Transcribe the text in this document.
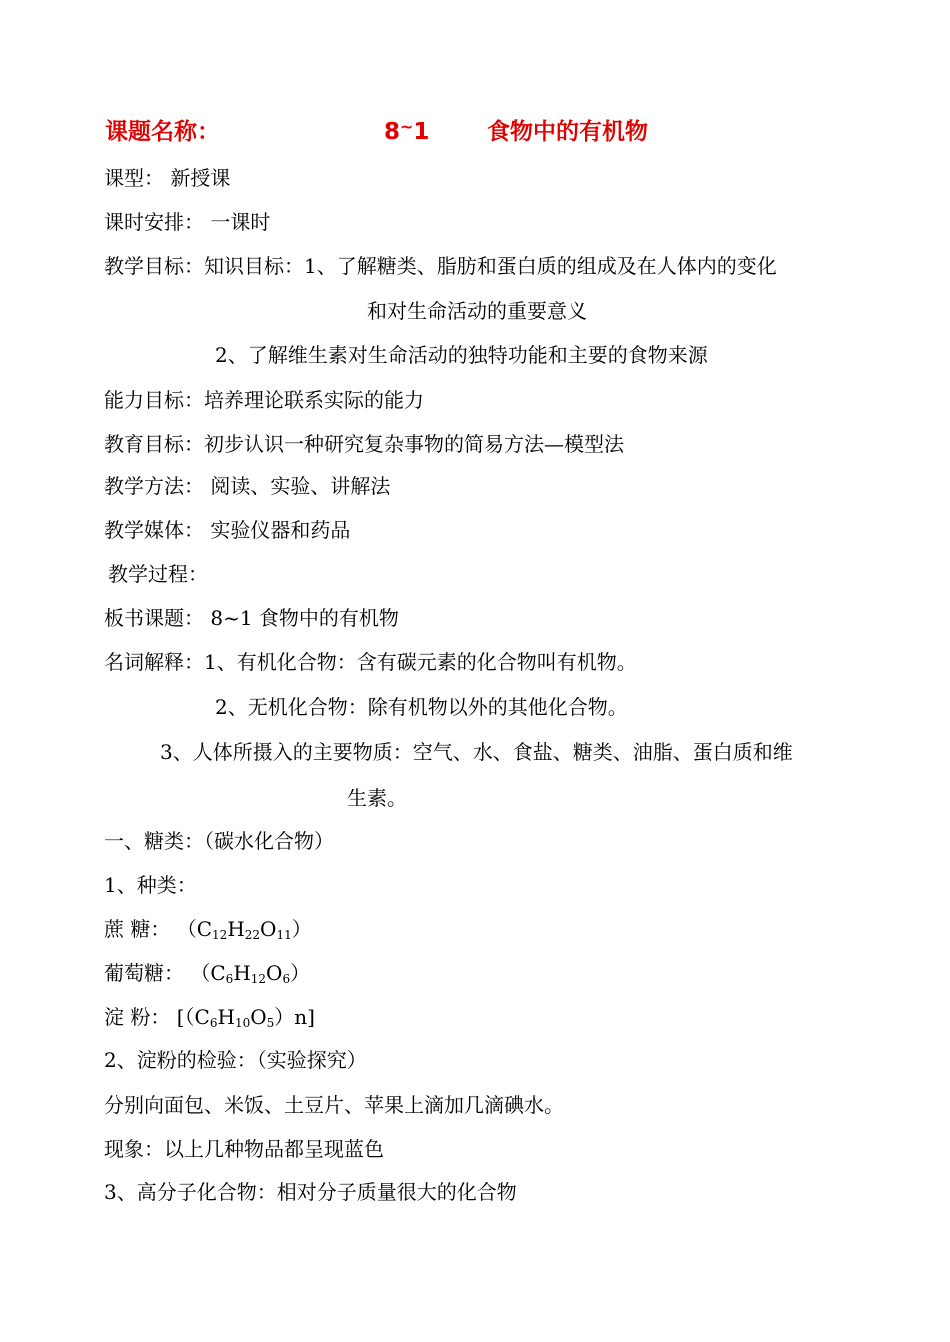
课题名称：	8~1	食物中的有机物
课型： 新授课
课时安排： 一课时
教学目标：知识目标：1、了解糖类、脂肪和蛋白质的组成及在人体内的变化
和对生命活动的重要意义
2、了解维生素对生命活动的独特功能和主要的食物来源
能力目标：培养理论联系实际的能力
教育目标：初步认识一种研究复杂事物的简易方法—模型法
教学方法： 阅读、实验、讲解法
教学媒体： 实验仪器和药品
教学过程：
板书课题： 8~1 食物中的有机物
名词解释：1、有机化合物：含有碳元素的化合物叫有机物。
2、无机化合物：除有机物以外的其他化合物。
3、人体所摄入的主要物质：空气、水、食盐、糖类、油脂、蛋白质和维
生素。
一、糖类：（碳水化合物）
1、种类：
蔗 糖： $(C_{12}H_{22}O_{11})$
葡萄糖： $(C_6H_{12}O_6)$
淀 粉： $[(C_6H_{10}O_5)n]$
2、淀粉的检验：（实验探究）
分别向面包、米饭、土豆片、苹果上滴加几滴碘水。
现象：以上几种物品都呈现蓝色
3、高分子化合物：相对分子质量很大的化合物
